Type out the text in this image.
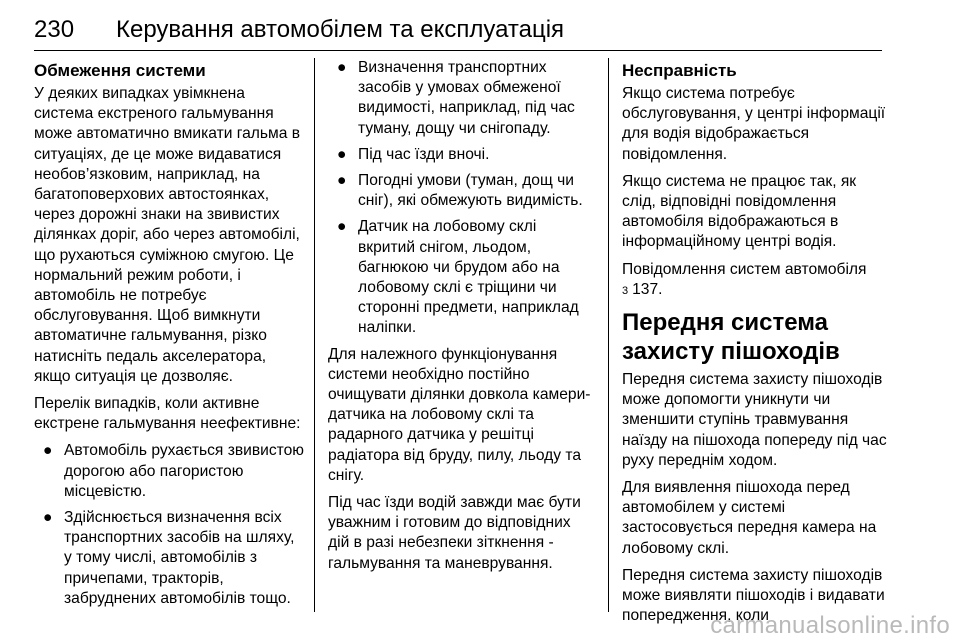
230 Керування автомобілем та експлуатація
Обмеження системи

У деяких випадках увімкнена система екстреного гальмування може автоматично вмикати гальма в ситуаціях, де це може видаватися необов’язковим, наприклад, на багатоповерхових автостоянках, через дорожні знаки на звивистих ділянках доріг, або через автомобілі, що рухаються суміжною смугою. Це нормальний режим роботи, і автомобіль не потребує обслуговування. Щоб вимкнути автоматичне гальмування, різко натисніть педаль акселератора, якщо ситуація це дозволяє.

Перелік випадків, коли активне екстрене гальмування неефективне:

● Автомобіль рухається звивистою дорогою або пагористою місцевістю.
● Здійснюється визначення всіх транспортних засобів на шляху, у тому числі, автомобілів з причепами, тракторів, забруднених автомобілів тощо.
● Визначення транспортних засобів у умовах обмеженої видимості, наприклад, під час туману, дощу чи снігопаду.
● Під час їзди вночі.
● Погодні умови (туман, дощ чи сніг), які обмежують видимість.
● Датчик на лобовому склі вкритий снігом, льодом, багнюкою чи брудом або на лобовому склі є тріщини чи сторонні предмети, наприклад наліпки.

Для належного функціонування системи необхідно постійно очищувати ділянки довкола камери-датчика на лобовому склі та радарного датчика у решітці радіатора від бруду, пилу, льоду та снігу.

Під час їзди водій завжди має бути уважним і готовим до відповідних дій в разі небезпеки зіткнення - гальмування та маневрування.

Несправність

Якщо система потребує обслуговування, у центрі інформації для водія відображається повідомлення.

Якщо система не працює так, як слід, відповідні повідомлення автомобіля відображаються в інформаційному центрі водія.

Повідомлення систем автомобіля
3 137.

Передня система захисту пішоходів

Передня система захисту пішоходів може допомогти уникнути чи зменшити ступінь травмування наїзду на пішохода попереду під час руху переднім ходом.

Для виявлення пішохода перед автомобілем у системі застосовується передня камера на лобовому склі.

Передня система захисту пішоходів може виявляти пішоходів і видавати попередження, коли

carmanualsonline.info
